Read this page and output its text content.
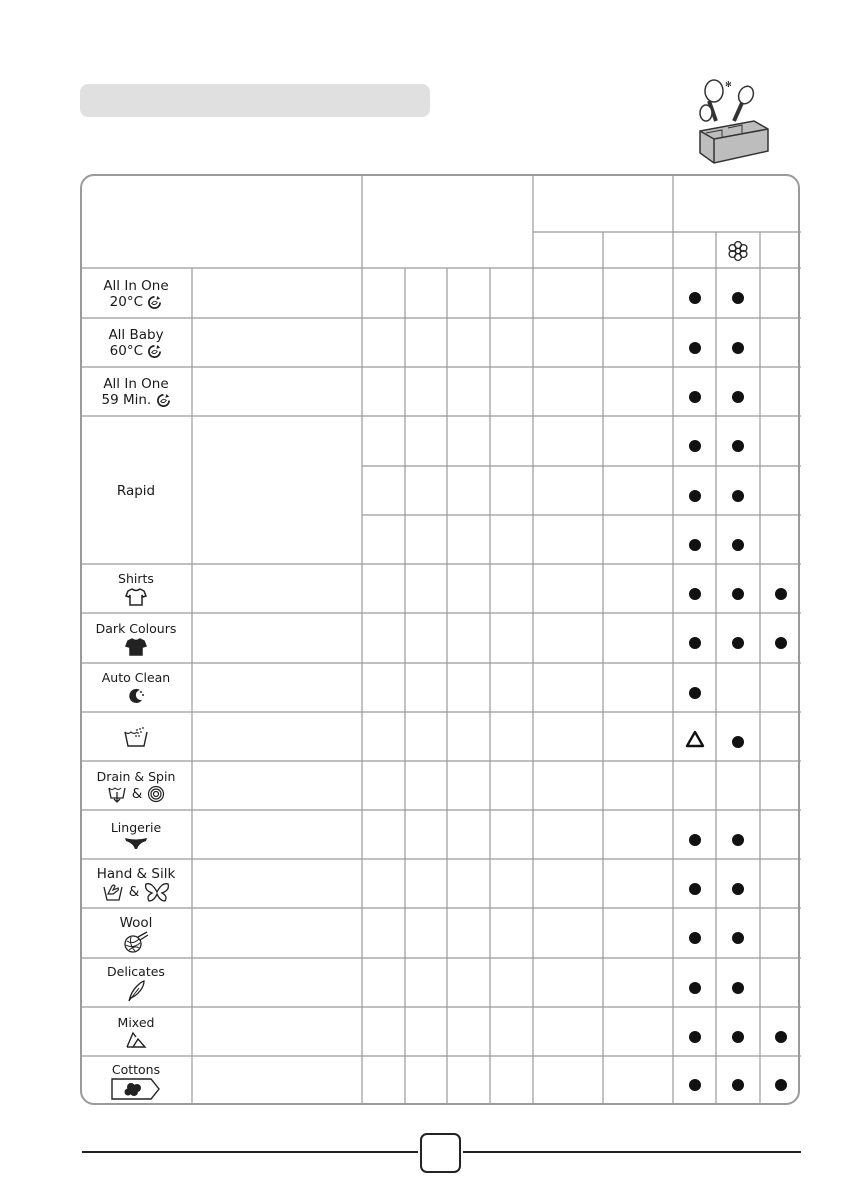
✻
All In One
20°C
All Baby
60°C
All In One
59 Min.
Rapid
Shirts
Dark Colours
Auto Clean
Drain & Spin
&
Lingerie
Hand & Silk
&
Wool
Delicates
Mixed
Cottons
